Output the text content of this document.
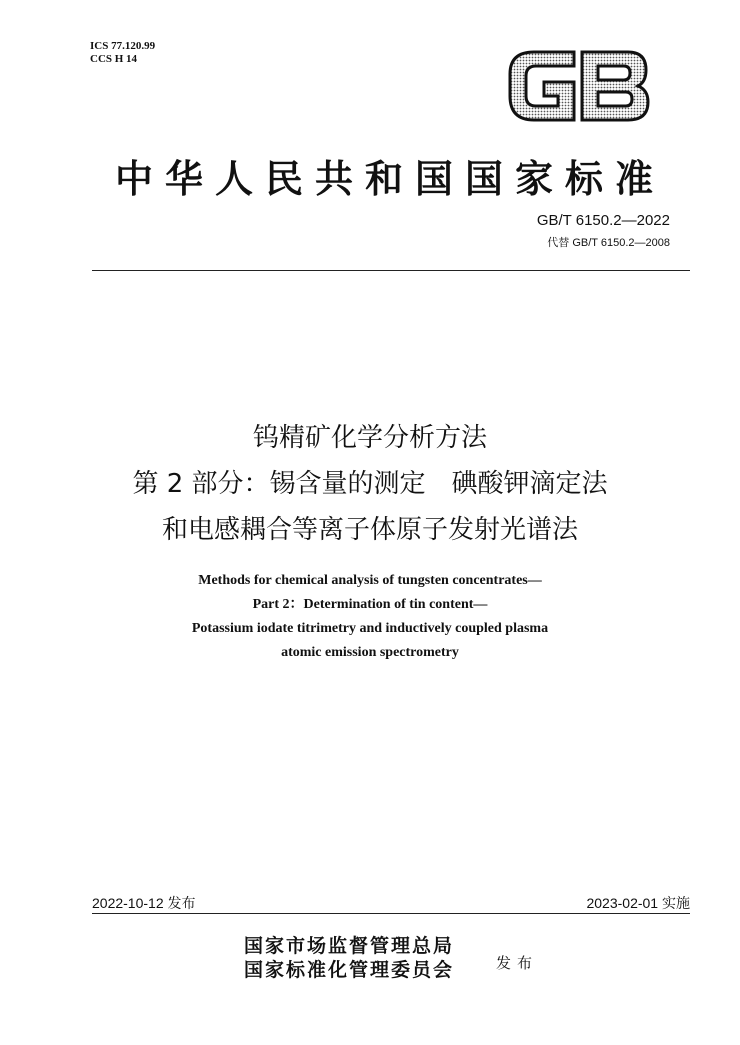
ICS 77.120.99
CCS H 14
中华人民共和国国家标准
GB/T 6150.2—2022
代替 GB/T 6150.2—2008
钨精矿化学分析方法
第 2 部分：锡含量的测定　碘酸钾滴定法
和电感耦合等离子体原子发射光谱法
Methods for chemical analysis of tungsten concentrates—
Part 2：Determination of tin content—
Potassium iodate titrimetry and inductively coupled plasma
atomic emission spectrometry
2022-10-12 发布	2023-02-01 实施
国家市场监督管理总局
国家标准化管理委员会	发布
